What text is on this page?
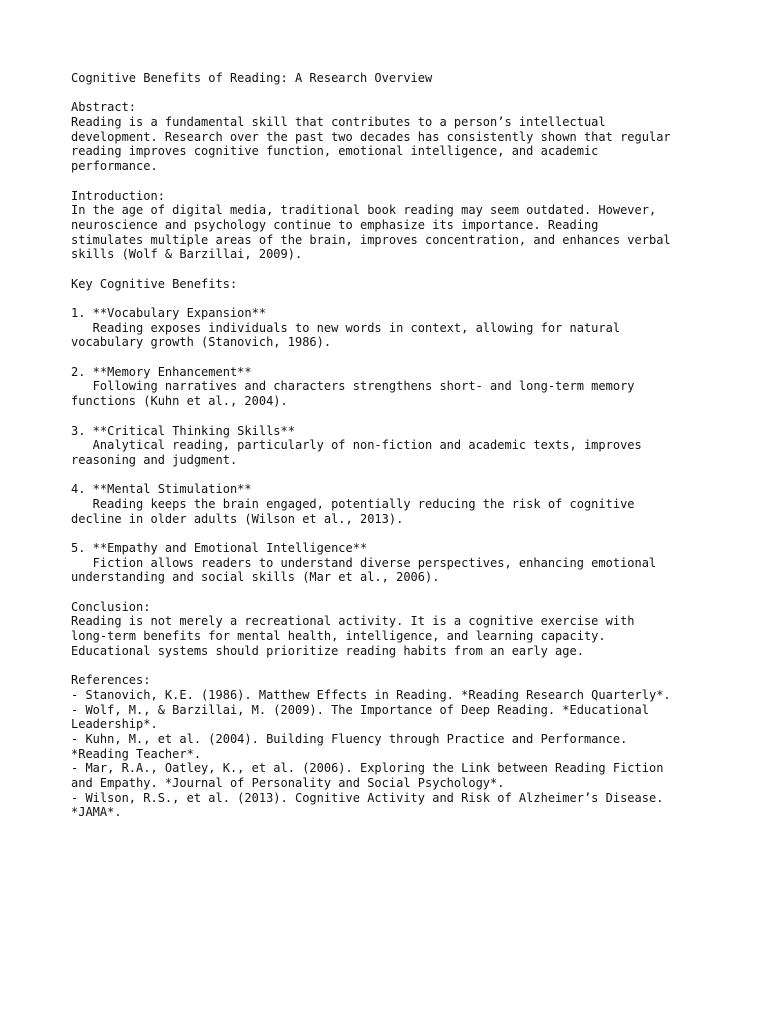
Cognitive Benefits of Reading: A Research Overview
Abstract:
Reading is a fundamental skill that contributes to a person’s intellectual
development. Research over the past two decades has consistently shown that regular
reading improves cognitive function, emotional intelligence, and academic
performance.
Introduction:
In the age of digital media, traditional book reading may seem outdated. However,
neuroscience and psychology continue to emphasize its importance. Reading
stimulates multiple areas of the brain, improves concentration, and enhances verbal
skills (Wolf & Barzillai, 2009).
Key Cognitive Benefits:
1. **Vocabulary Expansion**
Reading exposes individuals to new words in context, allowing for natural
vocabulary growth (Stanovich, 1986).
2. **Memory Enhancement**
Following narratives and characters strengthens short- and long-term memory
functions (Kuhn et al., 2004).
3. **Critical Thinking Skills**
Analytical reading, particularly of non-fiction and academic texts, improves
reasoning and judgment.
4. **Mental Stimulation**
Reading keeps the brain engaged, potentially reducing the risk of cognitive
decline in older adults (Wilson et al., 2013).
5. **Empathy and Emotional Intelligence**
Fiction allows readers to understand diverse perspectives, enhancing emotional
understanding and social skills (Mar et al., 2006).
Conclusion:
Reading is not merely a recreational activity. It is a cognitive exercise with
long-term benefits for mental health, intelligence, and learning capacity.
Educational systems should prioritize reading habits from an early age.
References:
- Stanovich, K.E. (1986). Matthew Effects in Reading. *Reading Research Quarterly*.
- Wolf, M., & Barzillai, M. (2009). The Importance of Deep Reading. *Educational
Leadership*.
- Kuhn, M., et al. (2004). Building Fluency through Practice and Performance.
*Reading Teacher*.
- Mar, R.A., Oatley, K., et al. (2006). Exploring the Link between Reading Fiction
and Empathy. *Journal of Personality and Social Psychology*.
- Wilson, R.S., et al. (2013). Cognitive Activity and Risk of Alzheimer’s Disease.
*JAMA*.
